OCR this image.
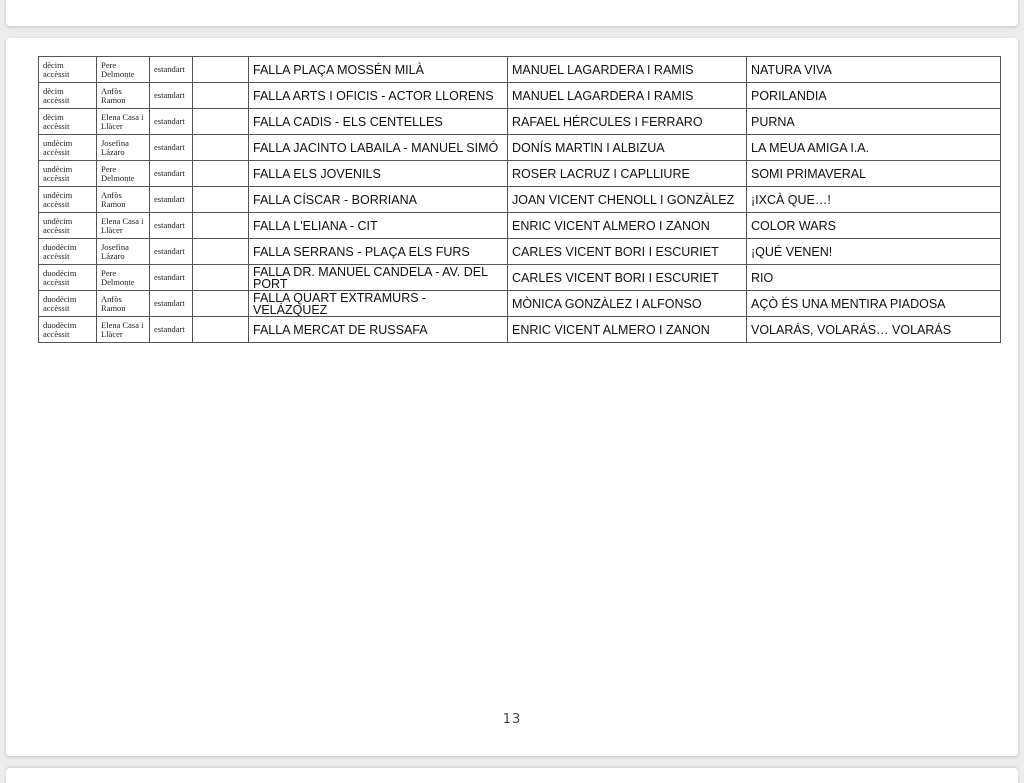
dècim accèssit	Pere Delmonte	estandart		FALLA PLAÇA MOSSÉN MILÀ	MANUEL LAGARDERA I RAMIS	NATURA VIVA
dècim accèssit	Anfòs Ramon	estandart		FALLA ARTS I OFICIS - ACTOR LLORENS	MANUEL LAGARDERA I RAMIS	PORILANDIA
dècim accèssit	Elena Casa i Llàcer	estandart		FALLA CADIS - ELS CENTELLES	RAFAEL HÉRCULES I FERRARO	PURNA
undècim accèssit	Josefina Lázaro	estandart		FALLA JACINTO LABAILA - MANUEL SIMÓ	DONÍS MARTIN I ALBIZUA	LA MEUA AMIGA I.A.
undècim accèssit	Pere Delmonte	estandart		FALLA ELS JOVENILS	ROSER LACRUZ I CAPLLIURE	SOMI PRIMAVERAL
undècim accèssit	Anfòs Ramon	estandart		FALLA CÍSCAR - BORRIANA	JOAN VICENT CHENOLL I GONZÀLEZ	¡IXCÀ QUE…!
undècim accèssit	Elena Casa i Llàcer	estandart		FALLA L'ELIANA - CIT	ENRIC VICENT ALMERO I ZANON	COLOR WARS
duodècim accèssit	Josefina Lázaro	estandart		FALLA SERRANS - PLAÇA ELS FURS	CARLES VICENT BORI I ESCURIET	¡QUÉ VENEN!
duodècim accèssit	Pere Delmonte	estandart		FALLA DR. MANUEL CANDELA - AV. DEL PORT	CARLES VICENT BORI I ESCURIET	RIO
duodècim accèssit	Anfòs Ramon	estandart		FALLA QUART EXTRAMURS - VELÁZQUEZ	MÒNICA GONZÀLEZ I ALFONSO	AÇÒ ÉS UNA MENTIRA PIADOSA
duodècim accèssit	Elena Casa i Llàcer	estandart		FALLA MERCAT DE RUSSAFA	ENRIC VICENT ALMERO I ZANON	VOLARÁS, VOLARÁS… VOLARÁS
13
